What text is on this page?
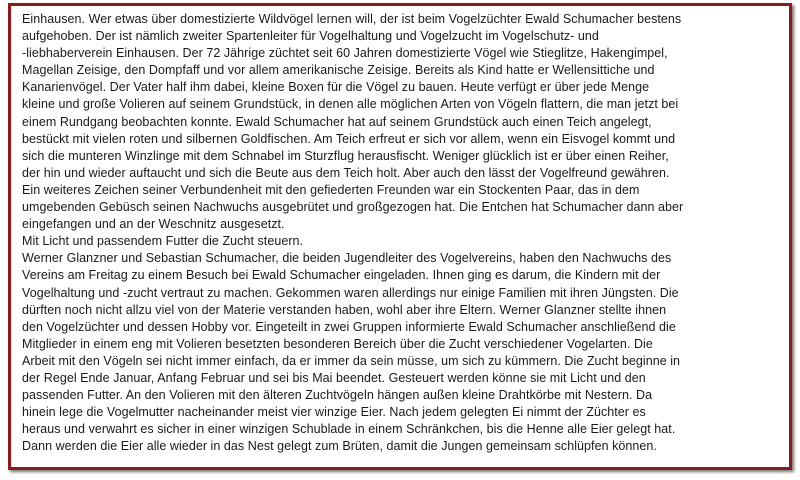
Einhausen. Wer etwas über domestizierte Wildvögel lernen will, der ist beim Vogelzüchter Ewald Schumacher bestens
aufgehoben. Der ist nämlich zweiter Spartenleiter für Vogelhaltung und Vogelzucht im Vogelschutz- und
-liebhaberverein Einhausen. Der 72 Jährige züchtet seit 60 Jahren domestizierte Vögel wie Stieglitze, Hakengimpel,
Magellan Zeisige, den Dompfaff und vor allem amerikanische Zeisige. Bereits als Kind hatte er Wellensittiche und
Kanarienvögel. Der Vater half ihm dabei, kleine Boxen für die Vögel zu bauen. Heute verfügt er über jede Menge
kleine und große Volieren auf seinem Grundstück, in denen alle möglichen Arten von Vögeln flattern, die man jetzt bei
einem Rundgang beobachten konnte. Ewald Schumacher hat auf seinem Grundstück auch einen Teich angelegt,
bestückt mit vielen roten und silbernen Goldfischen. Am Teich erfreut er sich vor allem, wenn ein Eisvogel kommt und
sich die munteren Winzlinge mit dem Schnabel im Sturzflug herausfischt. Weniger glücklich ist er über einen Reiher,
der hin und wieder auftaucht und sich die Beute aus dem Teich holt. Aber auch den lässt der Vogelfreund gewähren.
Ein weiteres Zeichen seiner Verbundenheit mit den gefiederten Freunden war ein Stockenten Paar, das in dem
umgebenden Gebüsch seinen Nachwuchs ausgebrütet und großgezogen hat. Die Entchen hat Schumacher dann aber
eingefangen und an der Weschnitz ausgesetzt.
Mit Licht und passendem Futter die Zucht steuern.
Werner Glanzner und Sebastian Schumacher, die beiden Jugendleiter des Vogelvereins, haben den Nachwuchs des
Vereins am Freitag zu einem Besuch bei Ewald Schumacher eingeladen. Ihnen ging es darum, die Kindern mit der
Vogelhaltung und -zucht vertraut zu machen. Gekommen waren allerdings nur einige Familien mit ihren Jüngsten. Die
dürften noch nicht allzu viel von der Materie verstanden haben, wohl aber ihre Eltern. Werner Glanzner stellte ihnen
den Vogelzüchter und dessen Hobby vor. Eingeteilt in zwei Gruppen informierte Ewald Schumacher anschließend die
Mitglieder in einem eng mit Volieren besetzten besonderen Bereich über die Zucht verschiedener Vogelarten. Die
Arbeit mit den Vögeln sei nicht immer einfach, da er immer da sein müsse, um sich zu kümmern. Die Zucht beginne in
der Regel Ende Januar, Anfang Februar und sei bis Mai beendet. Gesteuert werden könne sie mit Licht und den
passenden Futter. An den Volieren mit den älteren Zuchtvögeln hängen außen kleine Drahtkörbe mit Nestern. Da
hinein lege die Vogelmutter nacheinander meist vier winzige Eier. Nach jedem gelegten Ei nimmt der Züchter es
heraus und verwahrt es sicher in einer winzigen Schublade in einem Schränkchen, bis die Henne alle Eier gelegt hat.
Dann werden die Eier alle wieder in das Nest gelegt zum Brüten, damit die Jungen gemeinsam schlüpfen können.
